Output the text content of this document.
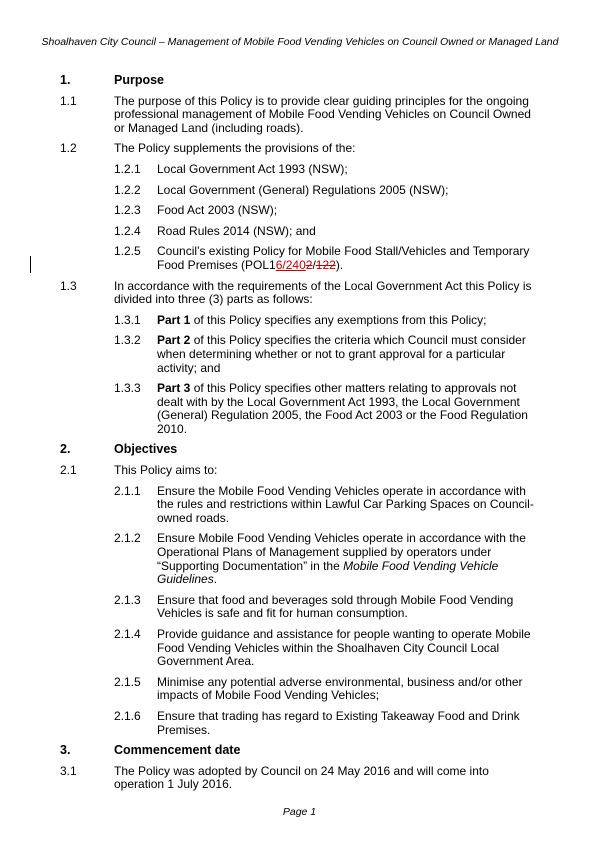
Shoalhaven City Council – Management of Mobile Food Vending Vehicles on Council Owned or Managed Land
1.	Purpose
1.1	The purpose of this Policy is to provide clear guiding principles for the ongoing professional management of Mobile Food Vending Vehicles on Council Owned or Managed Land (including roads).
1.2	The Policy supplements the provisions of the:
1.2.1	Local Government Act 1993 (NSW);
1.2.2	Local Government (General) Regulations 2005 (NSW);
1.2.3	Food Act 2003 (NSW);
1.2.4	Road Rules 2014 (NSW); and
1.2.5	Council’s existing Policy for Mobile Food Stall/Vehicles and Temporary Food Premises (POL16/2402/122).
1.3	In accordance with the requirements of the Local Government Act this Policy is divided into three (3) parts as follows:
1.3.1	Part 1 of this Policy specifies any exemptions from this Policy;
1.3.2	Part 2 of this Policy specifies the criteria which Council must consider when determining whether or not to grant approval for a particular activity; and
1.3.3	Part 3 of this Policy specifies other matters relating to approvals not dealt with by the Local Government Act 1993, the Local Government (General) Regulation 2005, the Food Act 2003 or the Food Regulation 2010.
2.	Objectives
2.1	This Policy aims to:
2.1.1	Ensure the Mobile Food Vending Vehicles operate in accordance with the rules and restrictions within Lawful Car Parking Spaces on Council-owned roads.
2.1.2	Ensure Mobile Food Vending Vehicles operate in accordance with the Operational Plans of Management supplied by operators under “Supporting Documentation” in the Mobile Food Vending Vehicle Guidelines.
2.1.3	Ensure that food and beverages sold through Mobile Food Vending Vehicles is safe and fit for human consumption.
2.1.4	Provide guidance and assistance for people wanting to operate Mobile Food Vending Vehicles within the Shoalhaven City Council Local Government Area.
2.1.5	Minimise any potential adverse environmental, business and/or other impacts of Mobile Food Vending Vehicles;
2.1.6	Ensure that trading has regard to Existing Takeaway Food and Drink Premises.
3.	Commencement date
3.1	The Policy was adopted by Council on 24 May 2016 and will come into operation 1 July 2016.
Page 1
